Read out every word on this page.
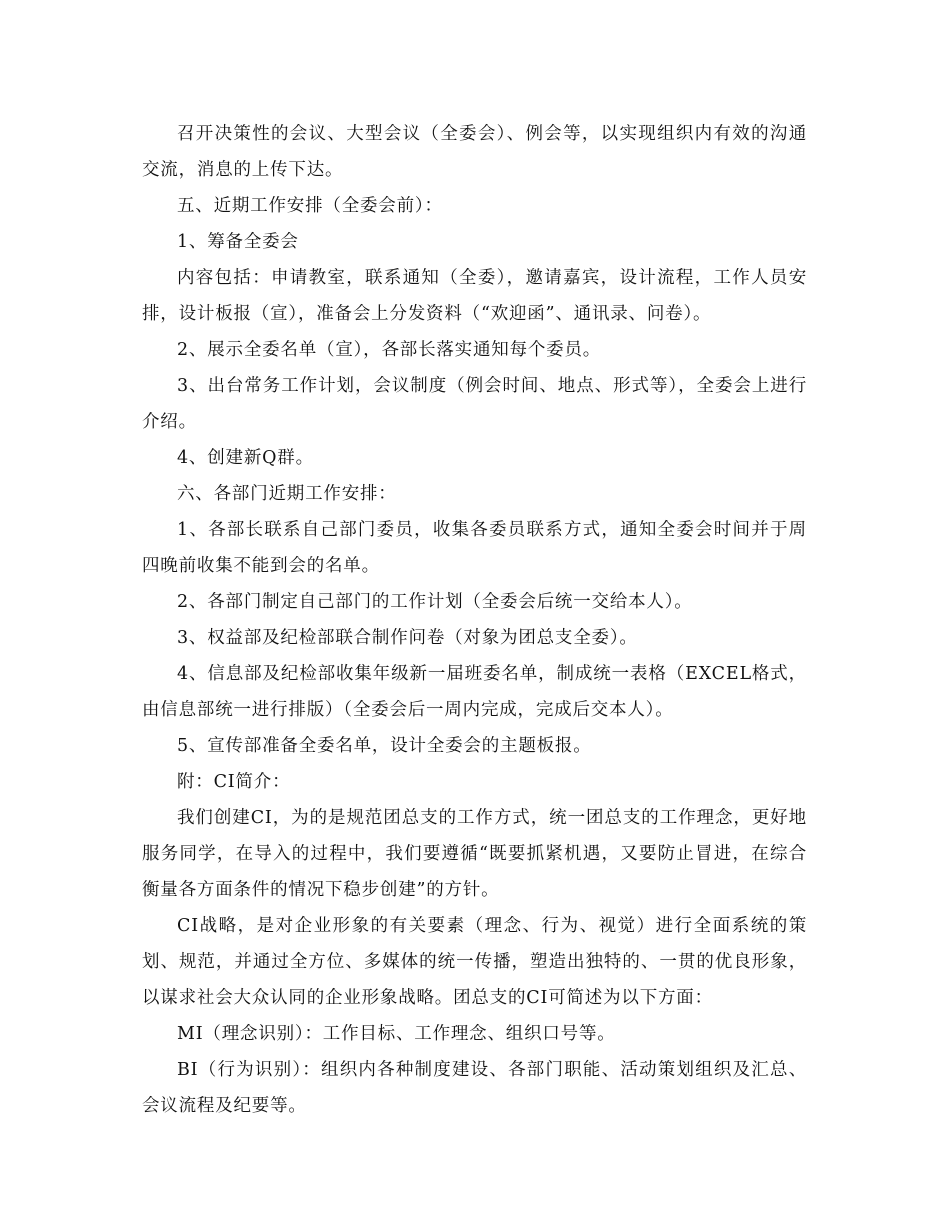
召开决策性的会议、大型会议（全委会）、例会等，以实现组织内有效的沟通交流，消息的上传下达。

五、近期工作安排（全委会前）：

1、筹备全委会

内容包括：申请教室，联系通知（全委），邀请嘉宾，设计流程，工作人员安排，设计板报（宣），准备会上分发资料（“欢迎函”、通讯录、问卷）。

2、展示全委名单（宣），各部长落实通知每个委员。

3、出台常务工作计划，会议制度（例会时间、地点、形式等），全委会上进行介绍。

4、创建新Q群。

六、各部门近期工作安排：

1、各部长联系自己部门委员，收集各委员联系方式，通知全委会时间并于周四晚前收集不能到会的名单。

2、各部门制定自己部门的工作计划（全委会后统一交给本人）。

3、权益部及纪检部联合制作问卷（对象为团总支全委）。

4、信息部及纪检部收集年级新一届班委名单，制成统一表格（EXCEL格式，由信息部统一进行排版）（全委会后一周内完成，完成后交本人）。

5、宣传部准备全委名单，设计全委会的主题板报。

附：CI简介：

我们创建CI，为的是规范团总支的工作方式，统一团总支的工作理念，更好地服务同学，在导入的过程中，我们要遵循“既要抓紧机遇，又要防止冒进，在综合衡量各方面条件的情况下稳步创建”的方针。

CI战略，是对企业形象的有关要素（理念、行为、视觉）进行全面系统的策划、规范，并通过全方位、多媒体的统一传播，塑造出独特的、一贯的优良形象，以谋求社会大众认同的企业形象战略。团总支的CI可简述为以下方面：

MI（理念识别）：工作目标、工作理念、组织口号等。

BI（行为识别）：组织内各种制度建设、各部门职能、活动策划组织及汇总、会议流程及纪要等。
